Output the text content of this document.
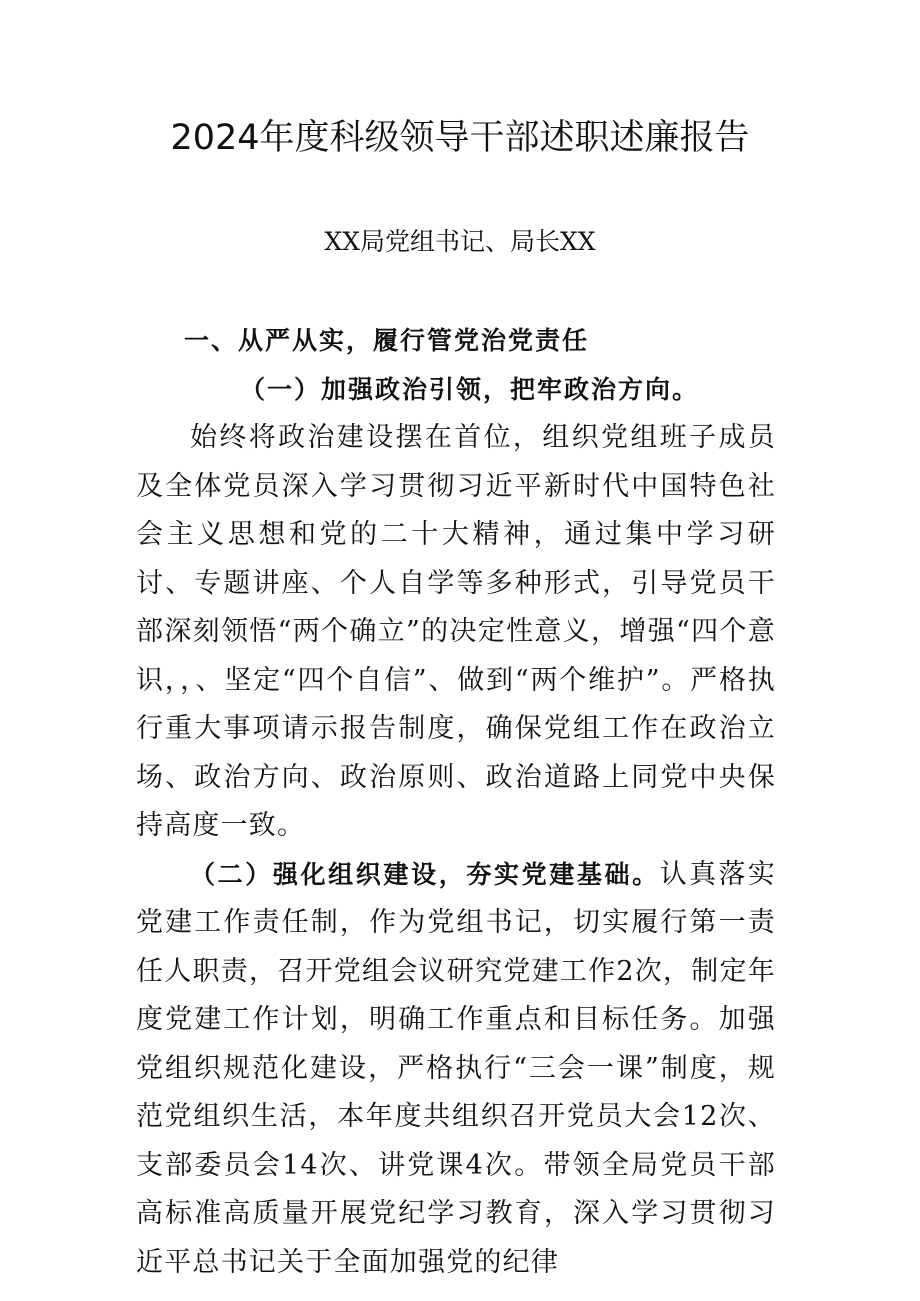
2024年度科级领导干部述职述廉报告

XX局党组书记、局长XX

一、从严从实，履行管党治党责任

（一）加强政治引领，把牢政治方向。

始终将政治建设摆在首位，组织党组班子成员及全体党员深入学习贯彻习近平新时代中国特色社会主义思想和党的二十大精神，通过集中学习研讨、专题讲座、个人自学等多种形式，引导党员干部深刻领悟“两个确立”的决定性意义，增强“四个意识，，、坚定“四个自信”、做到“两个维护”。严格执行重大事项请示报告制度，确保党组工作在政治立场、政治方向、政治原则、政治道路上同党中央保持高度一致。

（二）强化组织建设，夯实党建基础。认真落实党建工作责任制，作为党组书记，切实履行第一责任人职责，召开党组会议研究党建工作2次，制定年度党建工作计划，明确工作重点和目标任务。加强党组织规范化建设，严格执行“三会一课”制度，规范党组织生活，本年度共组织召开党员大会12次、支部委员会14次、讲党课4次。带领全局党员干部高标准高质量开展党纪学习教育，深入学习贯彻习近平总书记关于全面加强党的纪律
